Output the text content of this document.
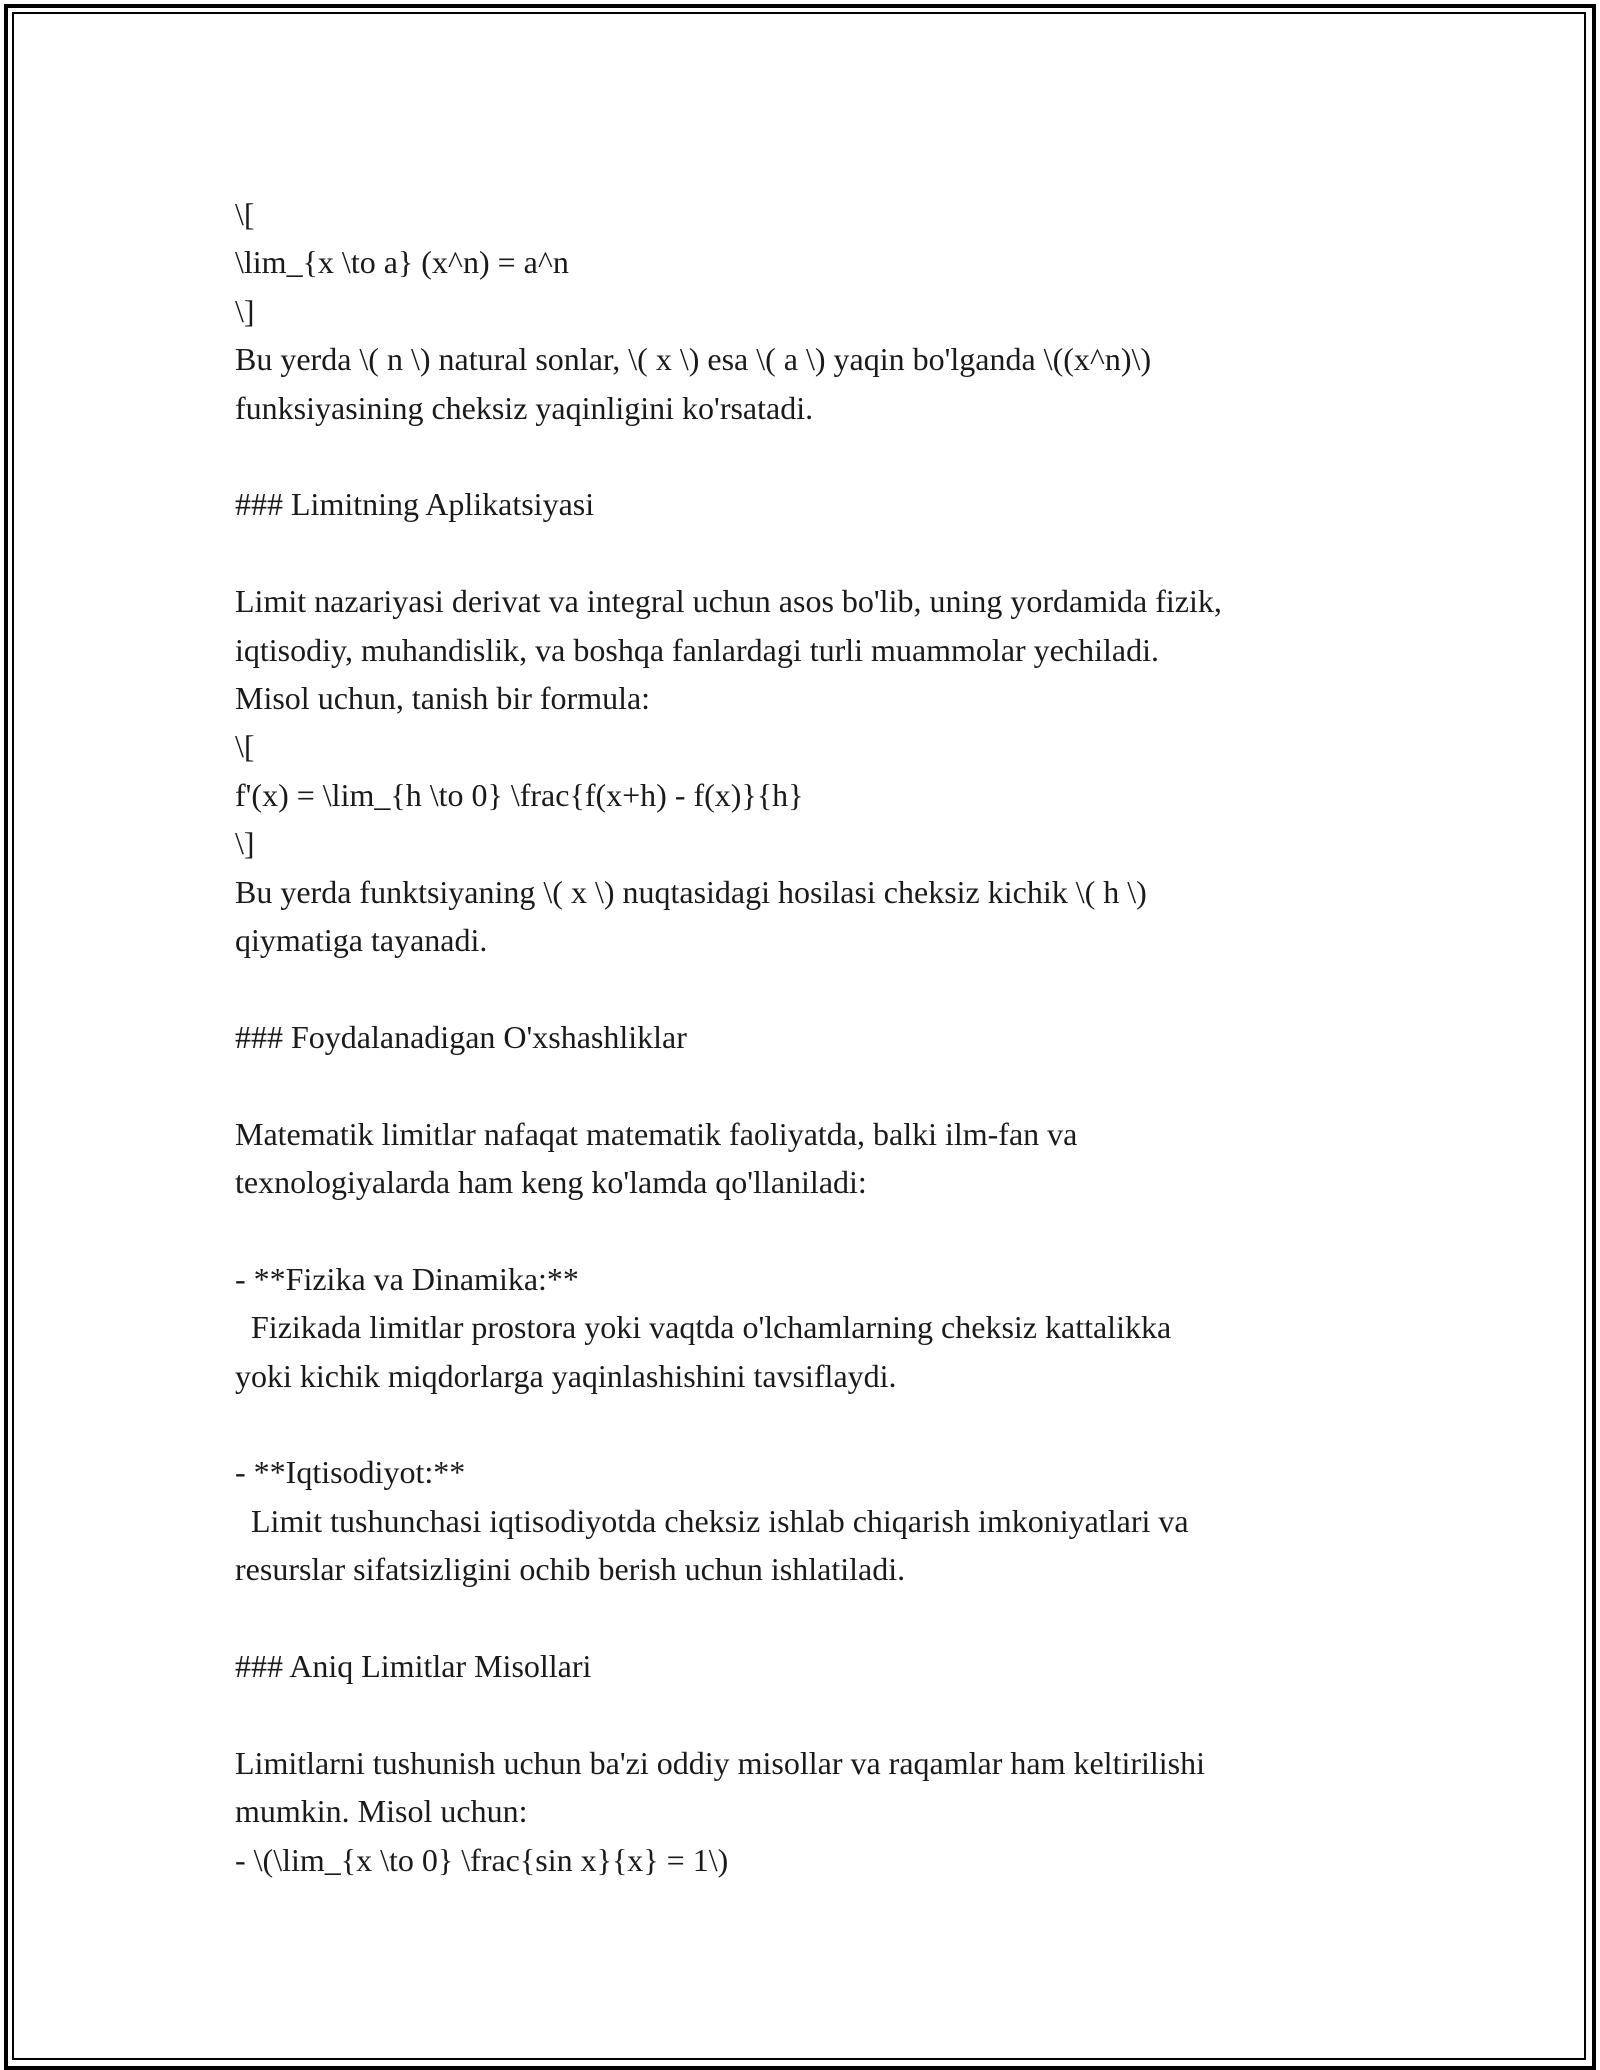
\[

\lim_{x \to a} (x^n) = a^n

\]

Bu yerda \( n \) natural sonlar, \( x \) esa \( a \) yaqin bo'lganda \((x^n)\)

funksiyasining cheksiz yaqinligini ko'rsatadi.

### Limitning Aplikatsiyasi

Limit nazariyasi derivat va integral uchun asos bo'lib, uning yordamida fizik,

iqtisodiy, muhandislik, va boshqa fanlardagi turli muammolar yechiladi.

Misol uchun, tanish bir formula:

\[

f'(x) = \lim_{h \to 0} \frac{f(x+h) - f(x)}{h}

\]

Bu yerda funktsiyaning \( x \) nuqtasidagi hosilasi cheksiz kichik \( h \)

qiymatiga tayanadi.

### Foydalanadigan O'xshashliklar

Matematik limitlar nafaqat matematik faoliyatda, balki ilm-fan va

texnologiyalarda ham keng ko'lamda qo'llaniladi:

- **Fizika va Dinamika:**

Fizikada limitlar prostora yoki vaqtda o'lchamlarning cheksiz kattalikka

yoki kichik miqdorlarga yaqinlashishini tavsiflaydi.

- **Iqtisodiyot:**

Limit tushunchasi iqtisodiyotda cheksiz ishlab chiqarish imkoniyatlari va

resurslar sifatsizligini ochib berish uchun ishlatiladi.

### Aniq Limitlar Misollari

Limitlarni tushunish uchun ba'zi oddiy misollar va raqamlar ham keltirilishi

mumkin. Misol uchun:

- \(\lim_{x \to 0} \frac{sin x}{x} = 1\)
